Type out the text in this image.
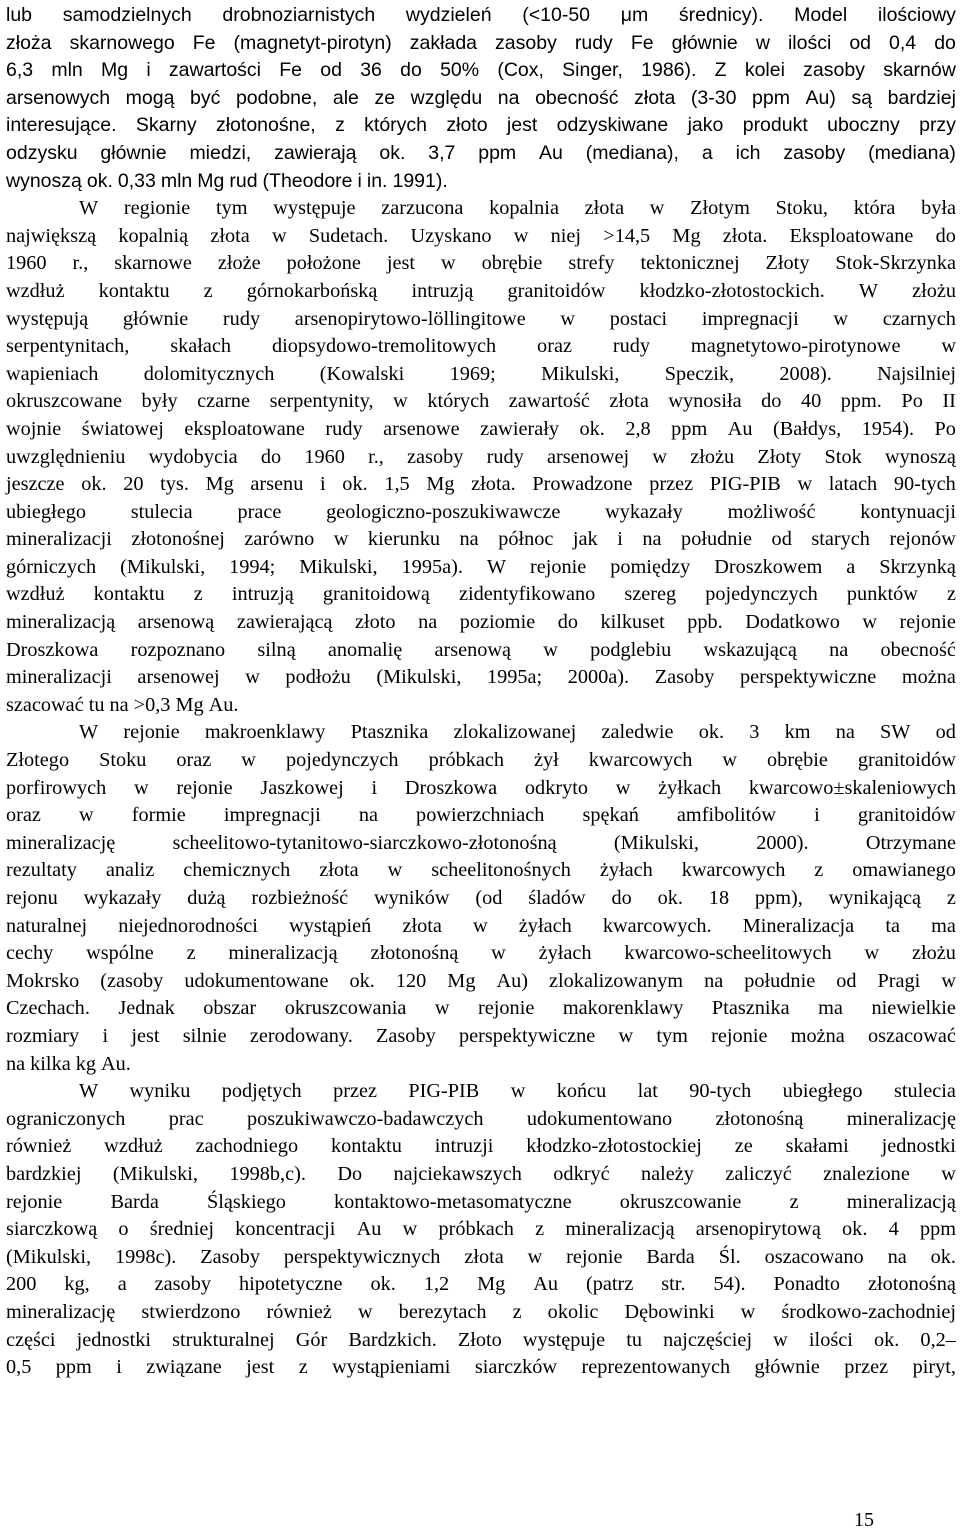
lub samodzielnych drobnoziarnistych wydzieleń (<10-50 μm średnicy). Model ilościowy
złoża skarnowego Fe (magnetyt-pirotyn) zakłada zasoby rudy Fe głównie w ilości od 0,4 do
6,3 mln Mg i zawartości Fe od 36 do 50% (Cox, Singer, 1986). Z kolei zasoby skarnów
arsenowych mogą być podobne, ale ze względu na obecność złota (3-30 ppm Au) są bardziej
interesujące. Skarny złotonośne, z których złoto jest odzyskiwane jako produkt uboczny przy
odzysku głównie miedzi, zawierają ok. 3,7 ppm Au (mediana), a ich zasoby (mediana)
wynoszą ok. 0,33 mln Mg rud (Theodore i in. 1991).
W regionie tym występuje zarzucona kopalnia złota w Złotym Stoku, która była
największą kopalnią złota w Sudetach. Uzyskano w niej >14,5 Mg złota. Eksploatowane do
1960 r., skarnowe złoże położone jest w obrębie strefy tektonicznej Złoty Stok-Skrzynka
wzdłuż kontaktu z górnokarbońską intruzją granitoidów kłodzko-złotostockich. W złożu
występują głównie rudy arsenopirytowo-löllingitowe w postaci impregnacji w czarnych
serpentynitach, skałach diopsydowo-tremolitowych oraz rudy magnetytowo-pirotynowe w
wapieniach dolomitycznych (Kowalski 1969; Mikulski, Speczik, 2008). Najsilniej
okruszcowane były czarne serpentynity, w których zawartość złota wynosiła do 40 ppm. Po II
wojnie światowej eksploatowane rudy arsenowe zawierały ok. 2,8 ppm Au (Bałdys, 1954). Po
uwzględnieniu wydobycia do 1960 r., zasoby rudy arsenowej w złożu Złoty Stok wynoszą
jeszcze ok. 20 tys. Mg arsenu i ok. 1,5 Mg złota. Prowadzone przez PIG-PIB w latach 90-tych
ubiegłego stulecia prace geologiczno-poszukiwawcze wykazały możliwość kontynuacji
mineralizacji złotonośnej zarówno w kierunku na północ jak i na południe od starych rejonów
górniczych (Mikulski, 1994; Mikulski, 1995a). W rejonie pomiędzy Droszkowem a Skrzynką
wzdłuż kontaktu z intruzją granitoidową zidentyfikowano szereg pojedynczych punktów z
mineralizacją arsenową zawierającą złoto na poziomie do kilkuset ppb. Dodatkowo w rejonie
Droszkowa rozpoznano silną anomalię arsenową w podglebiu wskazującą na obecność
mineralizacji arsenowej w podłożu (Mikulski, 1995a; 2000a). Zasoby perspektywiczne można
szacować tu na >0,3 Mg Au.
W rejonie makroenklawy Ptasznika zlokalizowanej zaledwie ok. 3 km na SW od
Złotego Stoku oraz w pojedynczych próbkach żył kwarcowych w obrębie granitoidów
porfirowych w rejonie Jaszkowej i Droszkowa odkryto w żyłkach kwarcowo±skaleniowych
oraz w formie impregnacji na powierzchniach spękań amfibolitów i granitoidów
mineralizację	scheelitowo-tytanitowo-siarczkowo-złotonośną	(Mikulski,	2000).	Otrzymane
rezultaty analiz chemicznych złota w scheelitonośnych żyłach kwarcowych z omawianego
rejonu wykazały dużą rozbieżność wyników (od śladów do ok. 18 ppm), wynikającą z
naturalnej niejednorodności wystąpień złota w żyłach kwarcowych. Mineralizacja ta ma
cechy wspólne z mineralizacją złotonośną w żyłach kwarcowo-scheelitowych w złożu
Mokrsko (zasoby udokumentowane ok. 120 Mg Au) zlokalizowanym na południe od Pragi w
Czechach. Jednak obszar okruszcowania w rejonie makorenklawy Ptasznika ma niewielkie
rozmiary i jest silnie zerodowany. Zasoby perspektywiczne w tym rejonie można oszacować
na kilka kg Au.
W wyniku podjętych przez PIG-PIB w końcu lat 90-tych ubiegłego stulecia
ograniczonych prac poszukiwawczo-badawczych udokumentowano złotonośną mineralizację
również wzdłuż zachodniego kontaktu intruzji kłodzko-złotostockiej ze skałami jednostki
bardzkiej (Mikulski, 1998b,c). Do najciekawszych odkryć należy zaliczyć znalezione w
rejonie Barda Śląskiego kontaktowo-metasomatyczne okruszcowanie z mineralizacją
siarczkową o średniej koncentracji Au w próbkach z mineralizacją arsenopirytową ok. 4 ppm
(Mikulski, 1998c). Zasoby perspektywicznych złota w rejonie Barda Śl. oszacowano na ok.
200 kg, a zasoby hipotetyczne ok. 1,2 Mg Au (patrz str. 54). Ponadto złotonośną
mineralizację stwierdzono również w berezytach z okolic Dębowinki w środkowo-zachodniej
części jednostki strukturalnej Gór Bardzkich. Złoto występuje tu najczęściej w ilości ok. 0,2–
0,5 ppm i związane jest z wystąpieniami siarczków reprezentowanych głównie przez piryt,
15
